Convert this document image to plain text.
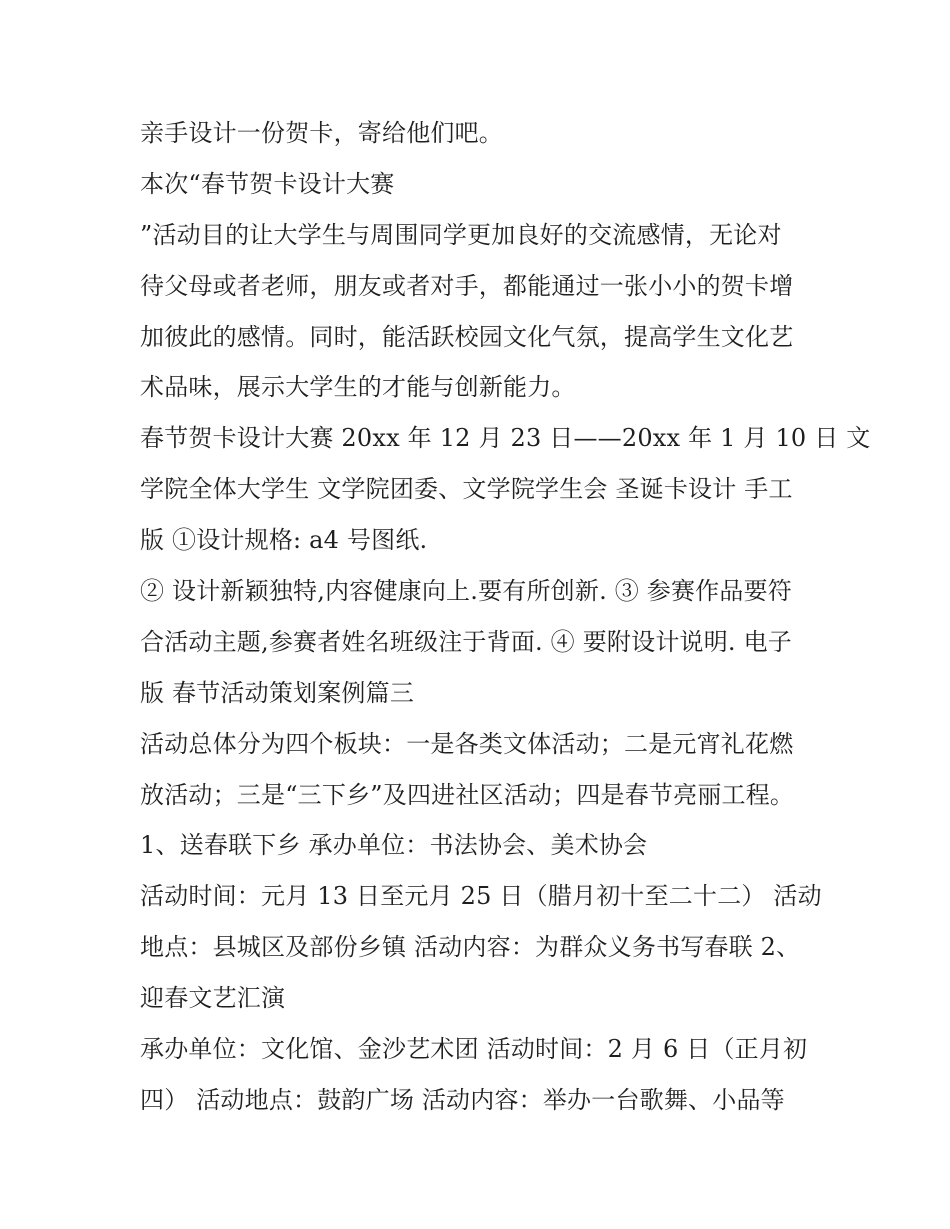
亲手设计一份贺卡，寄给他们吧。
本次“春节贺卡设计大赛
”活动目的让大学生与周围同学更加良好的交流感情，无论对
待父母或者老师，朋友或者对手，都能通过一张小小的贺卡增
加彼此的感情。同时，能活跃校园文化气氛，提高学生文化艺
术品味，展示大学生的才能与创新能力。
春节贺卡设计大赛 20xx 年 12 月 23 日——20xx 年 1 月 10 日 文
学院全体大学生 文学院团委、文学院学生会 圣诞卡设计 手工
版 ①设计规格: a4 号图纸.
② 设计新颖独特,内容健康向上.要有所创新. ③ 参赛作品要符
合活动主题,参赛者姓名班级注于背面. ④ 要附设计说明. 电子
版 春节活动策划案例篇三
活动总体分为四个板块：一是各类文体活动；二是元宵礼花燃
放活动；三是“三下乡”及四进社区活动；四是春节亮丽工程。
1、送春联下乡 承办单位：书法协会、美术协会
活动时间：元月 13 日至元月 25 日（腊月初十至二十二） 活动
地点：县城区及部份乡镇 活动内容：为群众义务书写春联 2、
迎春文艺汇演
承办单位：文化馆、金沙艺术团 活动时间：2 月 6 日（正月初
四） 活动地点：鼓韵广场 活动内容：举办一台歌舞、小品等
